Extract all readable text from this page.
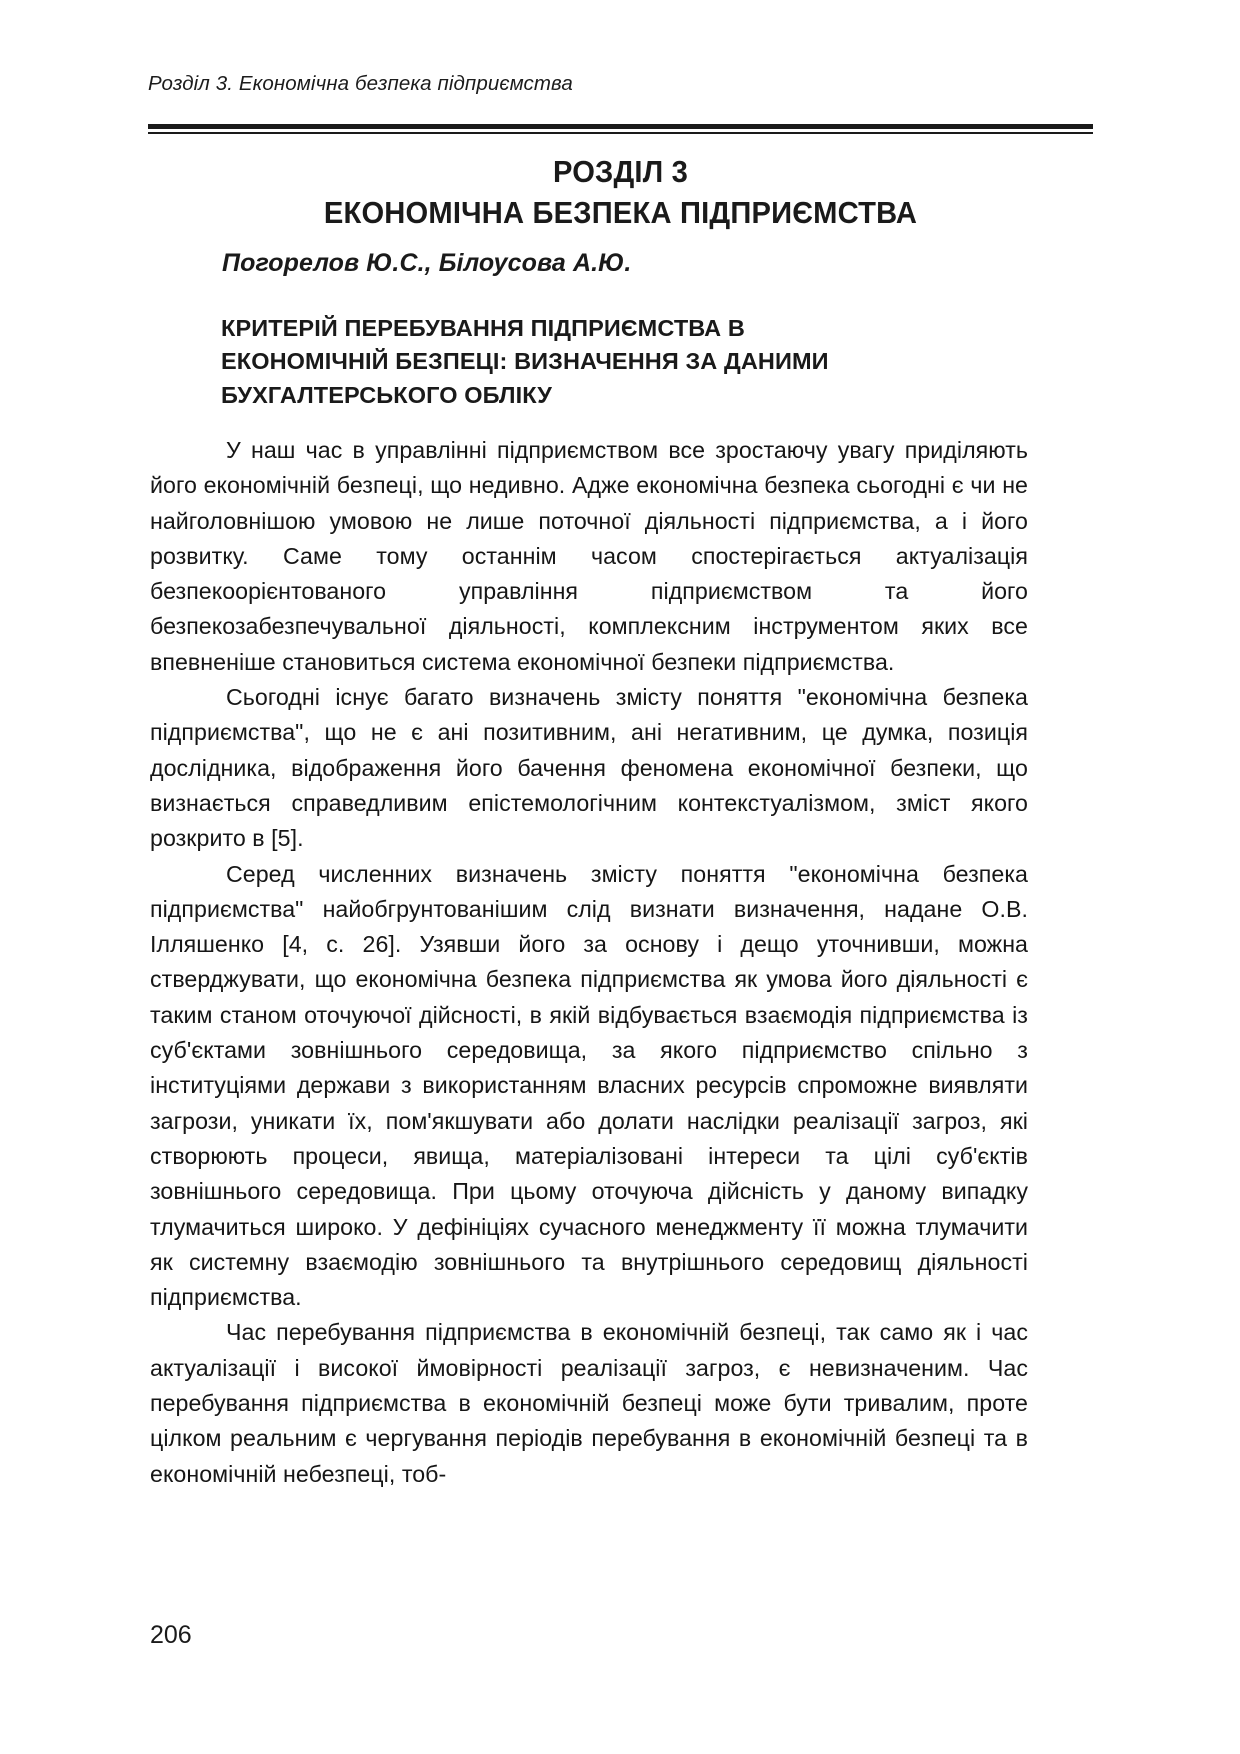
Розділ 3. Економічна безпека підприємства
РОЗДІЛ 3
ЕКОНОМІЧНА БЕЗПЕКА ПІДПРИЄМСТВА
Погорелов Ю.С., Білоусова А.Ю.
КРИТЕРІЙ ПЕРЕБУВАННЯ ПІДПРИЄМСТВА В
ЕКОНОМІЧНІЙ БЕЗПЕЦІ: ВИЗНАЧЕННЯ ЗА ДАНИМИ
БУХГАЛТЕРСЬКОГО ОБЛІКУ

У наш час в управлінні підприємством все зростаючу увагу приділяють його економічній безпеці, що недивно. Адже економічна безпека сьогодні є чи не найголовнішою умовою не лише поточної діяльності підприємства, а і його розвитку. Саме тому останнім часом спостерігається актуалізація безпекоорієнтованого управління підприємством та його безпекозабезпечувальної діяльності, комплексним інструментом яких все впевненіше становиться система економічної безпеки підприємства.

Сьогодні існує багато визначень змісту поняття "економічна безпека підприємства", що не є ані позитивним, ані негативним, це думка, позиція дослідника, відображення його бачення феномена економічної безпеки, що визнається справедливим епістемологічним контекстуалізмом, зміст якого розкрито в [5].

Серед численних визначень змісту поняття "економічна безпека підприємства" найобгрунтованішим слід визнати визначення, надане О.В. Ілляшенко [4, с. 26]. Узявши його за основу і дещо уточнивши, можна стверджувати, що економічна безпека підприємства як умова його діяльності є таким станом оточуючої дійсності, в якій відбувається взаємодія підприємства із суб'єктами зовнішнього середовища, за якого підприємство спільно з інституціями держави з використанням власних ресурсів спроможне виявляти загрози, уникати їх, пом'якшувати або долати наслідки реалізації загроз, які створюють процеси, явища, матеріалізовані інтереси та цілі суб'єктів зовнішнього середовища. При цьому оточуюча дійсність у даному випадку тлумачиться широко. У дефініціях сучасного менеджменту її можна тлумачити як системну взаємодію зовнішнього та внутрішнього середовищ діяльності підприємства.

Час перебування підприємства в економічній безпеці, так само як і час актуалізації і високої ймовірності реалізації загроз, є невизначеним. Час перебування підприємства в економічній безпеці може бути тривалим, проте цілком реальним є чергування періодів перебування в економічній безпеці та в економічній небезпеці, тоб-

206
